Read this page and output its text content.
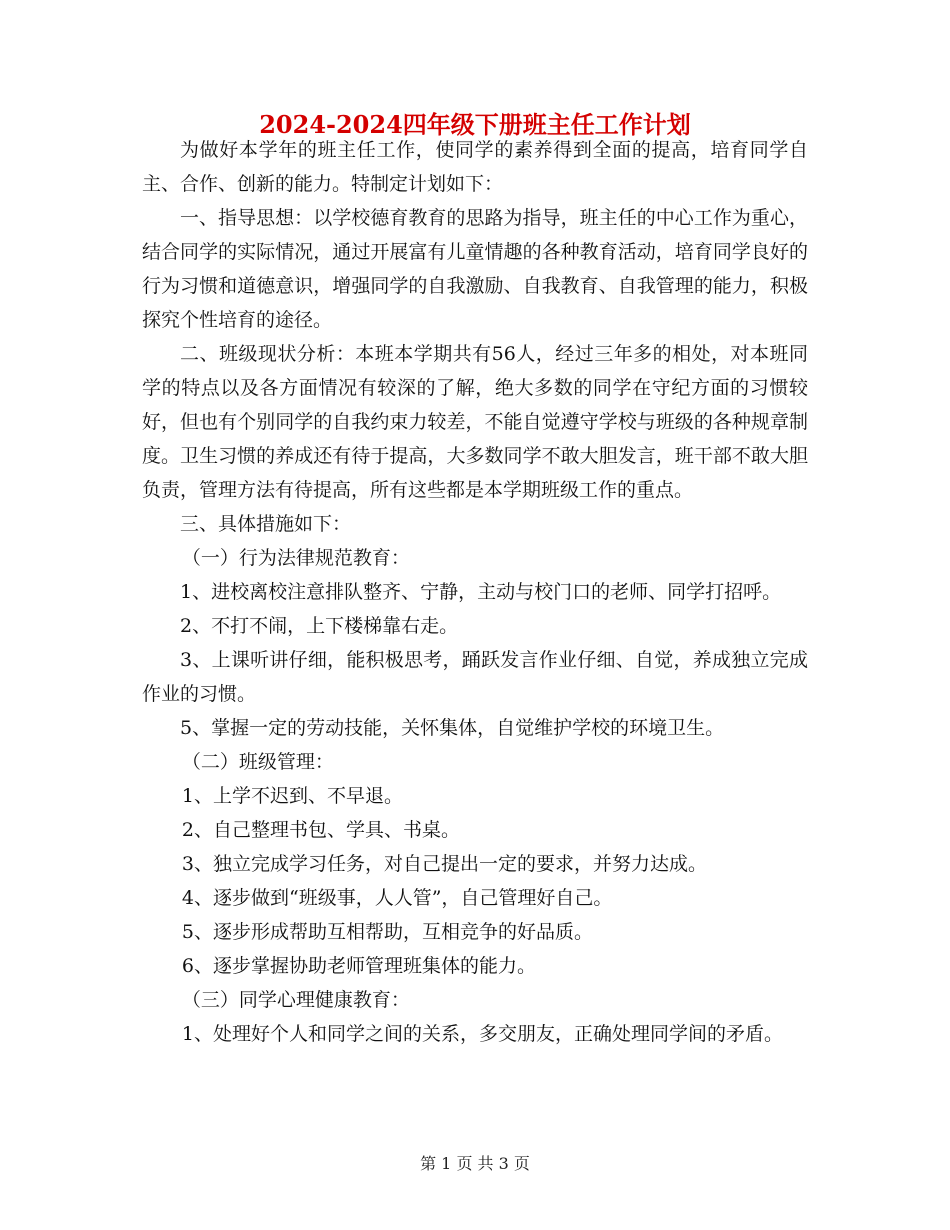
2024-2024四年级下册班主任工作计划

为做好本学年的班主任工作，使同学的素养得到全面的提高，培育同学自主、合作、创新的能力。特制定计划如下：

一、指导思想：以学校德育教育的思路为指导，班主任的中心工作为重心，结合同学的实际情况，通过开展富有儿童情趣的各种教育活动，培育同学良好的行为习惯和道德意识，增强同学的自我激励、自我教育、自我管理的能力，积极探究个性培育的途径。

二、班级现状分析：本班本学期共有56人，经过三年多的相处，对本班同学的特点以及各方面情况有较深的了解，绝大多数的同学在守纪方面的习惯较好，但也有个别同学的自我约束力较差，不能自觉遵守学校与班级的各种规章制度。卫生习惯的养成还有待于提高，大多数同学不敢大胆发言，班干部不敢大胆负责，管理方法有待提高，所有这些都是本学期班级工作的重点。

三、具体措施如下：

（一）行为法律规范教育：

1、进校离校注意排队整齐、宁静，主动与校门口的老师、同学打招呼。

2、不打不闹，上下楼梯靠右走。

3、上课听讲仔细，能积极思考，踊跃发言作业仔细、自觉，养成独立完成作业的习惯。

5、掌握一定的劳动技能，关怀集体，自觉维护学校的环境卫生。

（二）班级管理：

1、上学不迟到、不早退。

2、自己整理书包、学具、书桌。

3、独立完成学习任务，对自己提出一定的要求，并努力达成。

4、逐步做到“班级事，人人管”，自己管理好自己。

5、逐步形成帮助互相帮助，互相竞争的好品质。

6、逐步掌握协助老师管理班集体的能力。

（三）同学心理健康教育：

1、处理好个人和同学之间的关系，多交朋友，正确处理同学间的矛盾。

第 1 页 共 3 页
